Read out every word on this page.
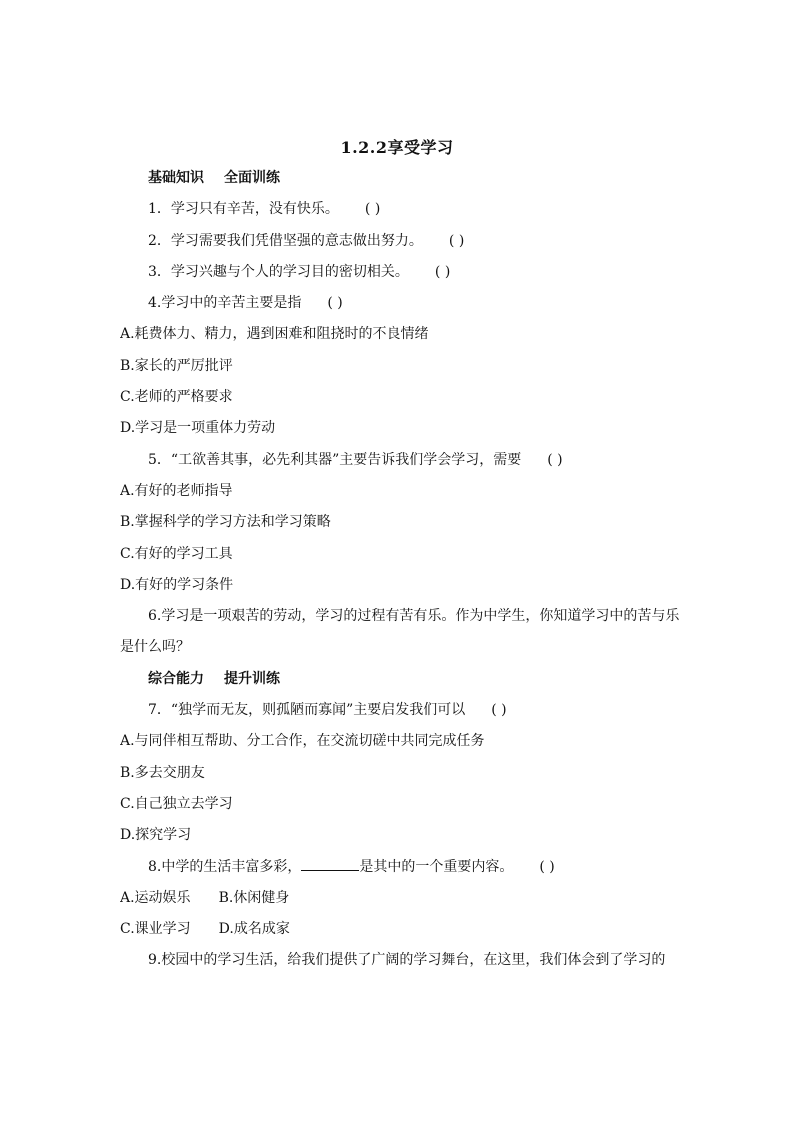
1.2.2享受学习
基础知识 全面训练
1．学习只有辛苦，没有快乐。 ( )
2．学习需要我们凭借坚强的意志做出努力。 ( )
3．学习兴趣与个人的学习目的密切相关。 ( )
4.学习中的辛苦主要是指 ( )
A.耗费体力、精力，遇到困难和阻挠时的不良情绪
B.家长的严厉批评
C.老师的严格要求
D.学习是一项重体力劳动
5．“工欲善其事，必先利其器”主要告诉我们学会学习，需要 ( )
A.有好的老师指导
B.掌握科学的学习方法和学习策略
C.有好的学习工具
D.有好的学习条件
6.学习是一项艰苦的劳动，学习的过程有苦有乐。作为中学生，你知道学习中的苦与乐
是什么吗？
综合能力 提升训练
7．“独学而无友，则孤陋而寡闻”主要启发我们可以 ( )
A.与同伴相互帮助、分工合作，在交流切磋中共同完成任务
B.多去交朋友
C.自己独立去学习
D.探究学习
8.中学的生活丰富多彩，	是其中的一个重要内容。 ( )
A.运动娱乐 B.休闲健身
C.课业学习 D.成名成家
9.校园中的学习生活，给我们提供了广阔的学习舞台，在这里，我们体会到了学习的
